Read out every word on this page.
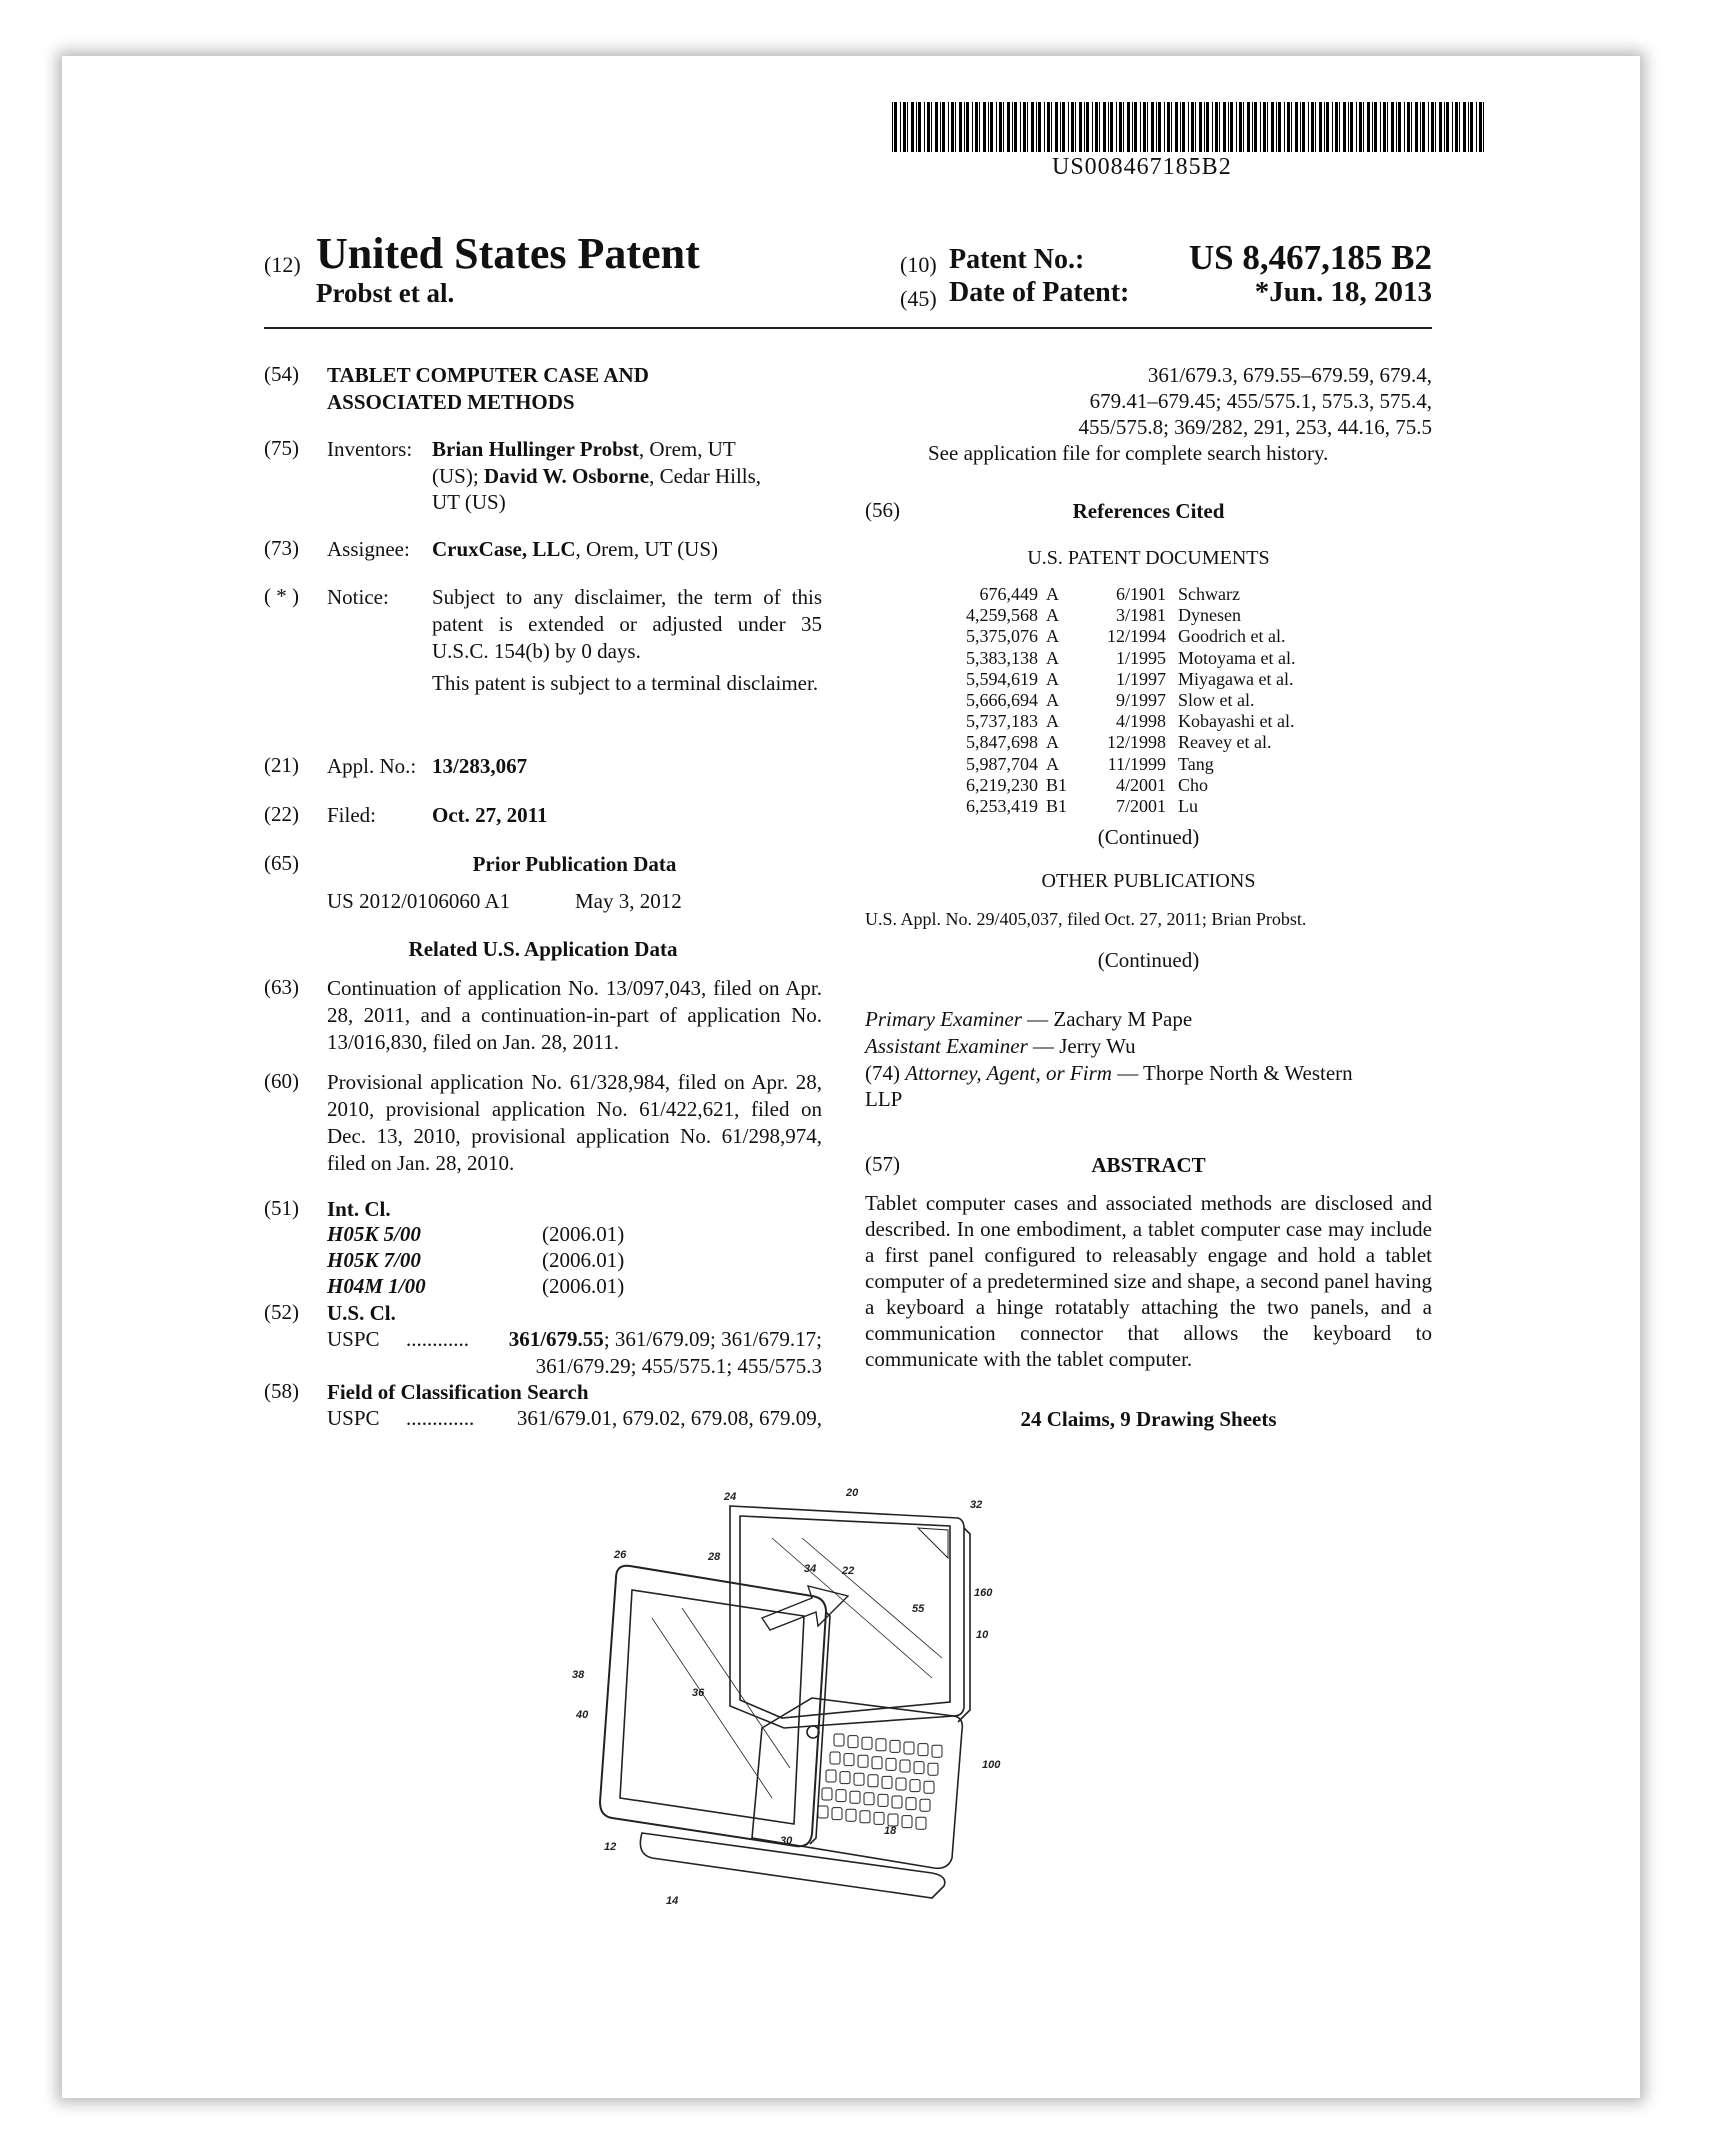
US008467185B2
(12) United States Patent
Probst et al.
(10) Patent No.:	US 8,467,185 B2
(45) Date of Patent:	*Jun. 18, 2013
(54) TABLET COMPUTER CASE AND
ASSOCIATED METHODS
(75) Inventors: Brian Hullinger Probst, Orem, UT
(US); David W. Osborne, Cedar Hills,
UT (US)
(73) Assignee: CruxCase, LLC, Orem, UT (US)
( * ) Notice: Subject to any disclaimer, the term of this patent is extended or adjusted under 35 U.S.C. 154(b) by 0 days.
This patent is subject to a terminal disclaimer.
(21) Appl. No.: 13/283,067
(22) Filed:	Oct. 27, 2011
(65)	Prior Publication Data
US 2012/0106060 A1	May 3, 2012
Related U.S. Application Data
(63) Continuation of application No. 13/097,043, filed on Apr. 28, 2011, and a continuation-in-part of application No. 13/016,830, filed on Jan. 28, 2011.
(60) Provisional application No. 61/328,984, filed on Apr. 28, 2010, provisional application No. 61/422,621, filed on Dec. 13, 2010, provisional application No. 61/298,974, filed on Jan. 28, 2010.
(51) Int. Cl.
H05K 5/00	(2006.01)
H05K 7/00	(2006.01)
H04M 1/00	(2006.01)
(52) U.S. Cl.
USPC ............ 361/679.55; 361/679.09; 361/679.17;
361/679.29; 455/575.1; 455/575.3
(58) Field of Classification Search
USPC ............. 361/679.01, 679.02, 679.08, 679.09,
361/679.3, 679.55–679.59, 679.4,
679.41–679.45; 455/575.1, 575.3, 575.4,
455/575.8; 369/282, 291, 253, 44.16, 75.5
See application file for complete search history.
(56)	References Cited
U.S. PATENT DOCUMENTS
676,449 A	6/1901 Schwarz
4,259,568 A	3/1981 Dynesen
5,375,076 A	12/1994 Goodrich et al.
5,383,138 A	1/1995 Motoyama et al.
5,594,619 A	1/1997 Miyagawa et al.
5,666,694 A	9/1997 Slow et al.
5,737,183 A	4/1998 Kobayashi et al.
5,847,698 A	12/1998 Reavey et al.
5,987,704 A	11/1999 Tang
6,219,230 B1	4/2001 Cho
6,253,419 B1	7/2001 Lu
(Continued)
OTHER PUBLICATIONS
U.S. Appl. No. 29/405,037, filed Oct. 27, 2011; Brian Probst.
(Continued)
Primary Examiner — Zachary M Pape
Assistant Examiner — Jerry Wu
(74) Attorney, Agent, or Firm — Thorpe North & Western
LLP
(57)	ABSTRACT
Tablet computer cases and associated methods are disclosed and described. In one embodiment, a tablet computer case may include a first panel configured to releasably engage and hold a tablet computer of a predetermined size and shape, a second panel having a keyboard a hinge rotatably attaching the two panels, and a communication connector that allows the keyboard to communicate with the tablet computer.
24 Claims, 9 Drawing Sheets
24	20
32
28
34 22
26
160
55
10
38
36
40
100
18
30
12
14
